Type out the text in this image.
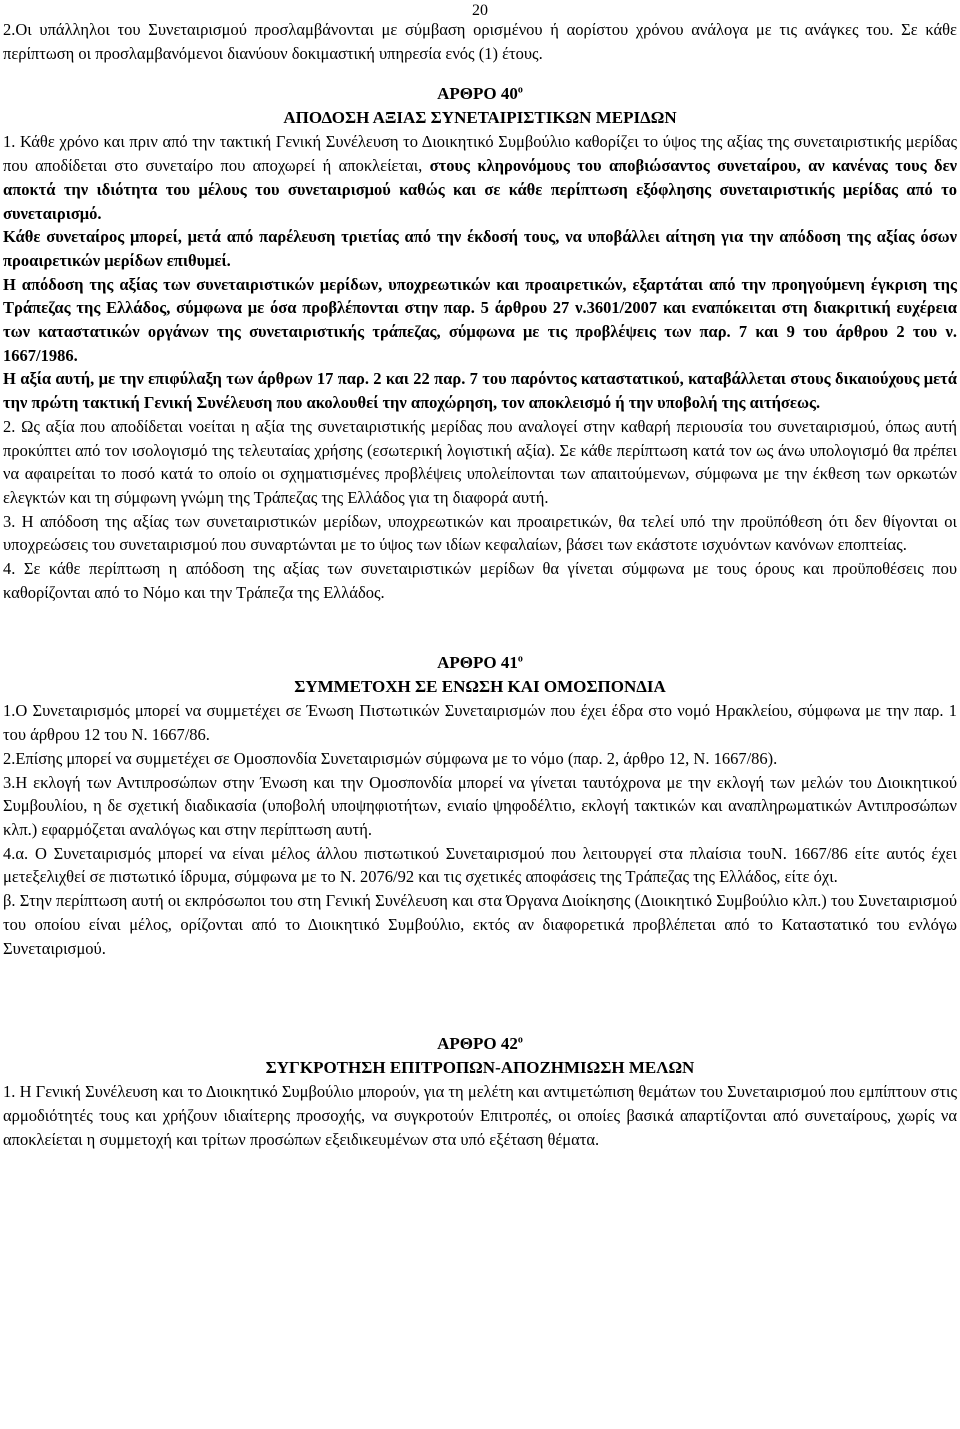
20

2.Οι υπάλληλοι του Συνεταιρισμού προσλαμβάνονται με σύμβαση ορισμένου ή αορίστου χρόνου ανάλογα με τις ανάγκες του. Σε κάθε περίπτωση οι προσλαμβανόμενοι διανύουν δοκιμαστική υπηρεσία ενός (1) έτους.

ΑΡΘΡΟ $40^o$
ΑΠΟΔΟΣΗ ΑΞΙΑΣ ΣΥΝΕΤΑΙΡΙΣΤΙΚΩΝ ΜΕΡΙΔΩΝ

1. Κάθε χρόνο και πριν από την τακτική Γενική Συνέλευση το Διοικητικό Συμβούλιο καθορίζει το ύψος της αξίας της συνεταιριστικής μερίδας που αποδίδεται στο συνεταίρο που αποχωρεί ή αποκλείεται, στους κληρονόμους του αποβιώσαντος συνεταίρου, αν κανένας τους δεν αποκτά την ιδιότητα του μέλους του συνεταιρισμού καθώς και σε κάθε περίπτωση εξόφλησης συνεταιριστικής μερίδας από το συνεταιρισμό.

Κάθε συνεταίρος μπορεί, μετά από παρέλευση τριετίας από την έκδοσή τους, να υποβάλλει αίτηση για την απόδοση της αξίας όσων προαιρετικών μερίδων επιθυμεί.

Η απόδοση της αξίας των συνεταιριστικών μερίδων, υποχρεωτικών και προαιρετικών, εξαρτάται από την προηγούμενη έγκριση της Τράπεζας της Ελλάδος, σύμφωνα με όσα προβλέπονται στην παρ. 5 άρθρου 27 ν.3601/2007 και εναπόκειται στη διακριτική ευχέρεια των καταστατικών οργάνων της συνεταιριστικής τράπεζας, σύμφωνα με τις προβλέψεις των παρ. 7 και 9 του άρθρου 2 του ν. 1667/1986.

Η αξία αυτή, με την επιφύλαξη των άρθρων 17 παρ. 2 και 22 παρ. 7 του παρόντος καταστατικού, καταβάλλεται στους δικαιούχους μετά την πρώτη τακτική Γενική Συνέλευση που ακολουθεί την αποχώρηση, τον αποκλεισμό ή την υποβολή της αιτήσεως.

2. Ως αξία που αποδίδεται νοείται η αξία της συνεταιριστικής μερίδας που αναλογεί στην καθαρή περιουσία του συνεταιρισμού, όπως αυτή προκύπτει από τον ισολογισμό της τελευταίας χρήσης (εσωτερική λογιστική αξία). Σε κάθε περίπτωση κατά τον ως άνω υπολογισμό θα πρέπει να αφαιρείται το ποσό κατά το οποίο οι σχηματισμένες προβλέψεις υπολείπονται των απαιτούμενων, σύμφωνα με την έκθεση των ορκωτών ελεγκτών και τη σύμφωνη γνώμη της Τράπεζας της Ελλάδος για τη διαφορά αυτή.

3. Η απόδοση της αξίας των συνεταιριστικών μερίδων, υποχρεωτικών και προαιρετικών, θα τελεί υπό την προϋπόθεση ότι δεν θίγονται οι υποχρεώσεις του συνεταιρισμού που συναρτώνται με το ύψος των ιδίων κεφαλαίων, βάσει των εκάστοτε ισχυόντων κανόνων εποπτείας.

4. Σε κάθε περίπτωση η απόδοση της αξίας των συνεταιριστικών μερίδων θα γίνεται σύμφωνα με τους όρους και προϋποθέσεις που καθορίζονται από το Νόμο και την Τράπεζα της Ελλάδος.

ΑΡΘΡΟ $41^o$
ΣΥΜΜΕΤΟΧΗ ΣΕ ΕΝΩΣΗ ΚΑΙ ΟΜΟΣΠΟΝΔΙΑ

1.Ο Συνεταιρισμός μπορεί να συμμετέχει σε Ένωση Πιστωτικών Συνεταιρισμών που έχει έδρα στο νομό Ηρακλείου, σύμφωνα με την παρ. 1 του άρθρου 12 του Ν. 1667/86.

2.Επίσης μπορεί να συμμετέχει σε Ομοσπονδία Συνεταιρισμών σύμφωνα με το νόμο (παρ. 2, άρθρο 12, Ν. 1667/86).

3.Η εκλογή των Αντιπροσώπων στην Ένωση και την Ομοσπονδία μπορεί να γίνεται ταυτόχρονα με την εκλογή των μελών του Διοικητικού Συμβουλίου, η δε σχετική διαδικασία (υποβολή υποψηφιοτήτων, ενιαίο ψηφοδέλτιο, εκλογή τακτικών και αναπληρωματικών Αντιπροσώπων κλπ.) εφαρμόζεται αναλόγως και στην περίπτωση αυτή.

4.α. Ο Συνεταιρισμός μπορεί να είναι μέλος άλλου πιστωτικού Συνεταιρισμού που λειτουργεί στα πλαίσια τουΝ. 1667/86 είτε αυτός έχει μετεξελιχθεί σε πιστωτικό ίδρυμα, σύμφωνα με το Ν. 2076/92 και τις σχετικές αποφάσεις της Τράπεζας της Ελλάδος, είτε όχι.

β. Στην περίπτωση αυτή οι εκπρόσωποι του στη Γενική Συνέλευση και στα Όργανα Διοίκησης (Διοικητικό Συμβούλιο κλπ.) του Συνεταιρισμού του οποίου είναι μέλος, ορίζονται από το Διοικητικό Συμβούλιο, εκτός αν διαφορετικά προβλέπεται από το Καταστατικό του ενλόγω Συνεταιρισμού.

ΑΡΘΡΟ $42^o$
ΣΥΓΚΡΟΤΗΣΗ ΕΠΙΤΡΟΠΩΝ-ΑΠΟΖΗΜΙΩΣΗ ΜΕΛΩΝ

1. Η Γενική Συνέλευση και το Διοικητικό Συμβούλιο μπορούν, για τη μελέτη και αντιμετώπιση θεμάτων του Συνεταιρισμού που εμπίπτουν στις αρμοδιότητές τους και χρήζουν ιδιαίτερης προσοχής, να συγκροτούν Επιτροπές, οι οποίες βασικά απαρτίζονται από συνεταίρους, χωρίς να αποκλείεται η συμμετοχή και τρίτων προσώπων εξειδικευμένων στα υπό εξέταση θέματα.
